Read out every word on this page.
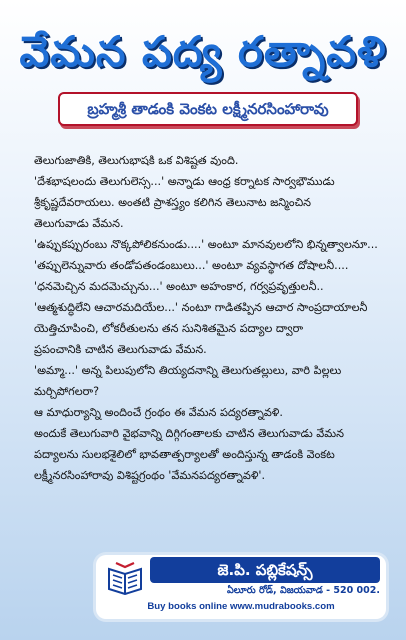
వేమన పద్య రత్నావళి
బ్రహ్మశ్రీ తాడంకి వెంకట లక్ష్మీనరసింహారావు

తెలుగుజాతికి, తెలుగుభాషకి ఒక విశిష్టత వుంది.

'దేశభాషలందు తెలుగులెస్స...' అన్నాడు ఆంధ్ర కర్నాటక సార్వభౌముడు

శ్రీకృష్ణదేవరాయలు. అంతటి ప్రాశస్త్యం కలిగిన తెలునాట జన్మించిన

తెలుగువాడు వేమన.

'ఉప్పుకప్పురంబు నొక్కపోలికనుండు....' అంటూ మానవులలోని భిన్నత్వాలనూ...

'తప్పులెన్నువారు తండోపతండంబులు...' అంటూ వ్యవస్థాగత దోషాలనీ....

'ధనమెచ్చిన మదమెచ్చును...' అంటూ అహంకార, గర్వప్రవృత్తులనీ..

'ఆత్మశుద్ధిలేని ఆచారమదియేల...' నంటూ గాడితప్పిన ఆచార సాంప్రదాయాలనీ

యెత్తిచూపించి, లోకరీతులను తన సునిశితమైన పద్యాల ద్వారా

ప్రపంచానికి చాటిన తెలుగువాడు వేమన.

'అమ్మా...' అన్న పిలుపులోని తియ్యదనాన్ని తెలుగుతల్లులు, వారి పిల్లలు

మర్చిపోగలరా?

ఆ మాధుర్యాన్ని అందించే గ్రంథం ఈ వేమన పద్యరత్నావళి.

అందుకే తెలుగువారి వైభవాన్ని దిగ్గిగంతాలకు చాటిన తెలుగువాడు వేమన

పద్యాలను సులభశైలిలో భావతాత్పర్యాలతో అందిస్తున్న తాడంకి వెంకట

లక్ష్మీనరసింహారావు విశిష్టగ్రంథం 'వేమనపద్యరత్నావళి'.

జె.పి. పబ్లికేషన్స్
ఏలూరు రోడ్, విజయవాడ - 520 002.
Buy books online www.mudrabooks.com
